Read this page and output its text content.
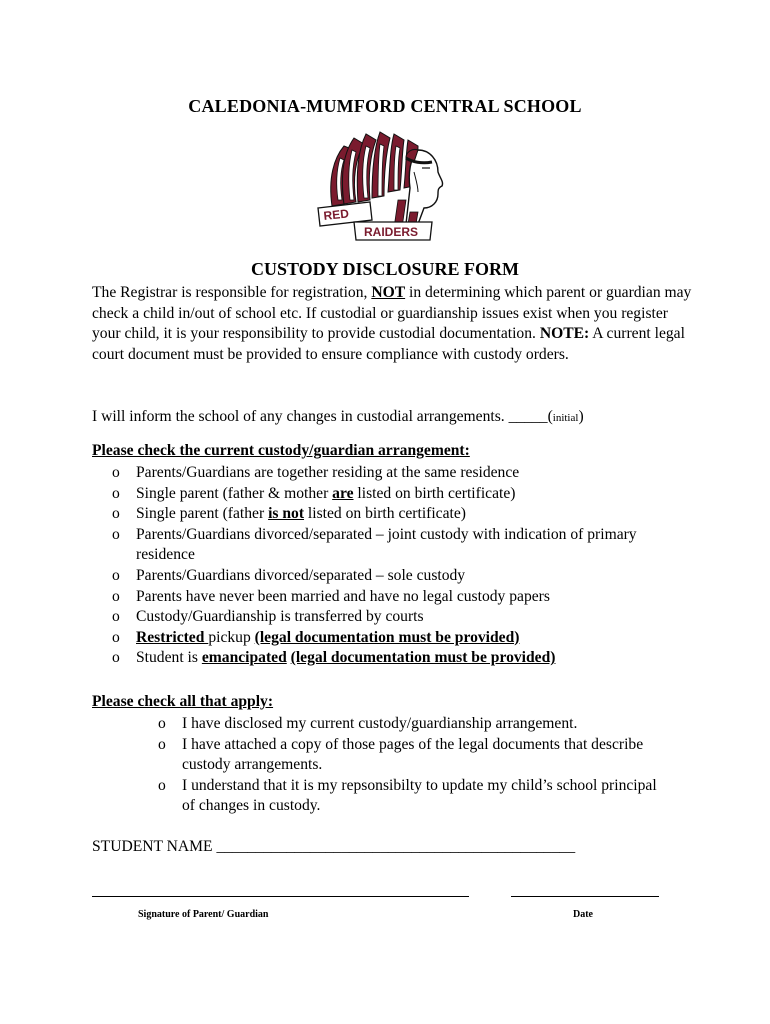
CALEDONIA-MUMFORD CENTRAL SCHOOL
RED
RAIDERS
CUSTODY DISCLOSURE FORM

The Registrar is responsible for registration, NOT in determining which parent or guardian may check a child in/out of school etc. If custodial or guardianship issues exist when you register your child, it is your responsibility to provide custodial documentation. NOTE: A current legal court document must be provided to ensure compliance with custody orders.

I will inform the school of any changes in custodial arrangements. _____(initial)
Please check the current custody/guardian arrangement:
o	Parents/Guardians are together residing at the same residence
o	Single parent (father & mother are listed on birth certificate)
o	Single parent (father is not listed on birth certificate)
o	Parents/Guardians divorced/separated – joint custody with indication of primary residence
o	Parents/Guardians divorced/separated – sole custody
o	Parents have never been married and have no legal custody papers
o	Custody/Guardianship is transferred by courts
o	Restricted pickup (legal documentation must be provided)
o	Student is emancipated (legal documentation must be provided)
Please check all that apply:
o	I have disclosed my current custody/guardianship arrangement.
o	I have attached a copy of those pages of the legal documents that describe custody arrangements.
o	I understand that it is my repsonsibilty to update my child’s school principal of changes in custody.
STUDENT NAME ______________________________________________
Signature of Parent/ Guardian	Date
